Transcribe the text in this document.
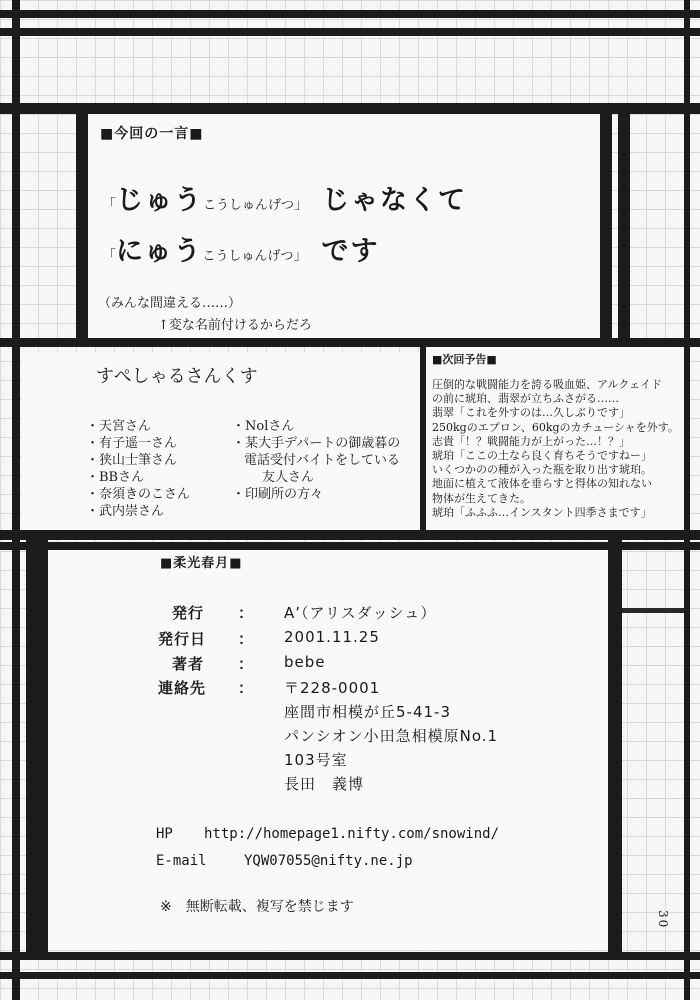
■今回の一言■
「じゅうこうしゅんげつ」 じゃなくて
「にゅうこうしゅんげつ」 です
（みんな間違える……）
↑変な名前付けるからだろ
すぺしゃるさんくす
・天宮さん
・有子遥一さん
・狭山士筆さん
・BBさん
・奈須きのこさん
・武内崇さん
・Nolさん
・某大手デパートの御歳暮の
電話受付バイトをしている
友人さん
・印刷所の方々
■次回予告■
圧倒的な戦闘能力を誇る吸血姫、アルクェイド
の前に琥珀、翡翠が立ちふさがる……
翡翠「これを外すのは…久しぶりです」
250kgのエプロン、60kgのカチューシャを外す。
志貴「！？戦闘能力が上がった…！？」
琥珀「ここの土なら良く育ちそうですねー」
いくつかのの種が入った瓶を取り出す琥珀。
地面に植えて液体を垂らすと得体の知れない
物体が生えてきた。
琥珀「ふふふ…インスタント四季さまです」
■柔光春月■
発行 ： A’（アリスダッシュ）
発行日 ： 2001.11.25
著者 ： bebe
連絡先 ： 〒228-0001
座間市相模が丘5-41-3
パンシオン小田急相模原No.1
103号室
長田　義博
HP http://homepage1.nifty.com/snowind/
E-mail	YQW07055@nifty.ne.jp
※　無断転載、複写を禁じます
30
